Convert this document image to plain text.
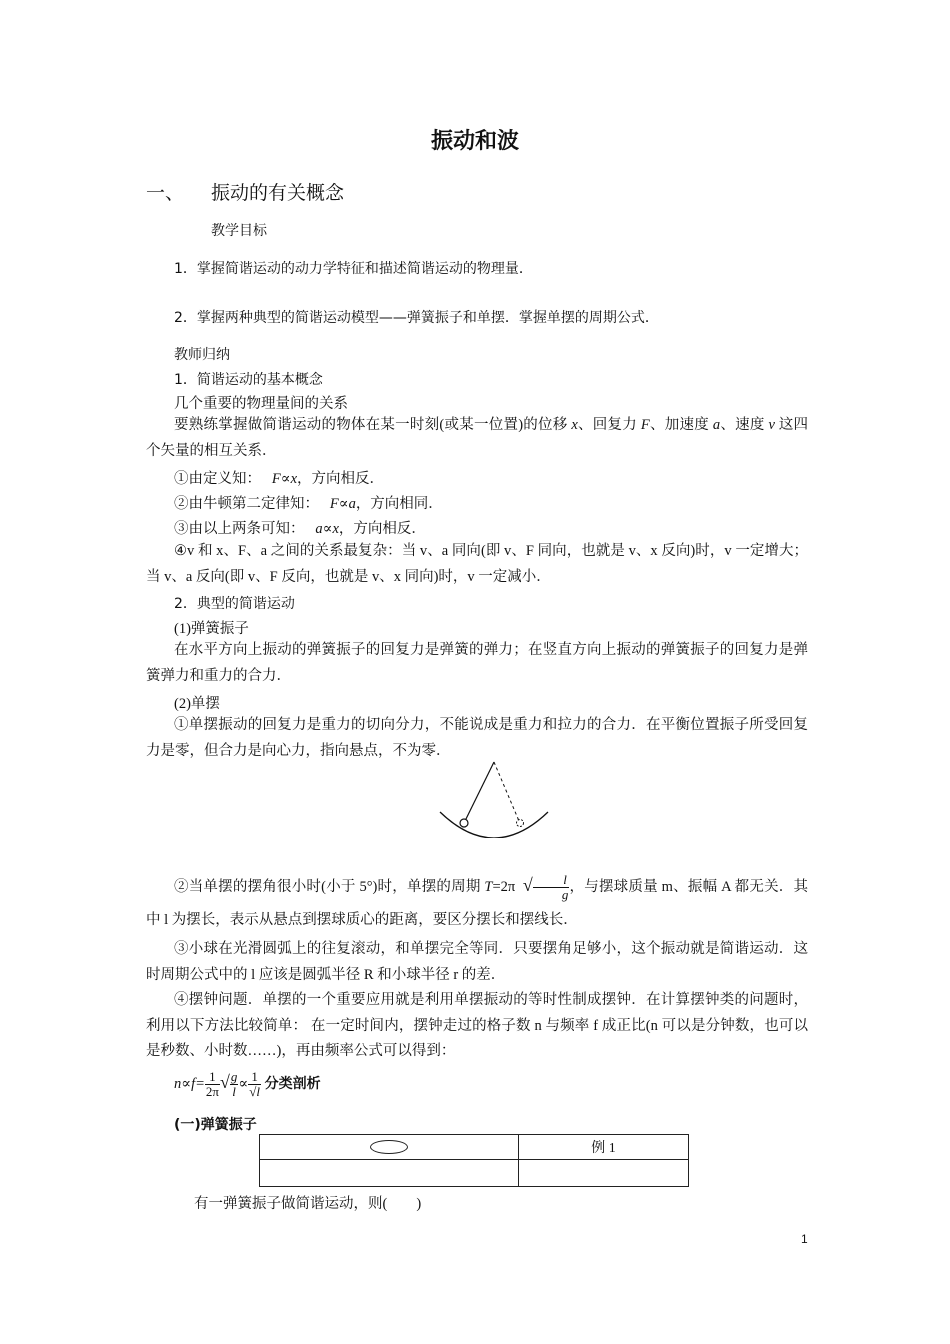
振动和波
一、 振动的有关概念
教学目标
1．掌握简谐运动的动力学特征和描述简谐运动的物理量．
2．掌握两种典型的简谐运动模型——弹簧振子和单摆．掌握单摆的周期公式．
教师归纳
1．简谐运动的基本概念
几个重要的物理量间的关系
要熟练掌握做简谐运动的物体在某一时刻(或某一位置)的位移 x、回复力 F、加速度 a、速度 v 这四个矢量的相互关系．
①由定义知： F∝x，方向相反．
②由牛顿第二定律知： F∝a，方向相同．
③由以上两条可知： a∝x，方向相反．
④v 和 x、F、a 之间的关系最复杂：当 v、a 同向(即 v、F 同向，也就是 v、x 反向)时，v 一定增大；当 v、a 反向(即 v、F 反向，也就是 v、x 同向)时，v 一定减小．
2．典型的简谐运动
(1)弹簧振子
在水平方向上振动的弹簧振子的回复力是弹簧的弹力；在竖直方向上振动的弹簧振子的回复力是弹簧弹力和重力的合力．
(2)单摆
①单摆振动的回复力是重力的切向分力，不能说成是重力和拉力的合力．在平衡位置振子所受回复力是零，但合力是向心力，指向悬点，不为零．
②当单摆的摆角很小时(小于 5°)时，单摆的周期 T=2π  √ $\frac{l}{g}$ ，与摆球质量 m、振幅 A 都无关．其中 l 为摆长，表示从悬点到摆球质心的距离，要区分摆长和摆线长．
③小球在光滑圆弧上的往复滚动，和单摆完全等同．只要摆角足够小，这个振动就是简谐运动．这时周期公式中的 l 应该是圆弧半径 R 和小球半径 r 的差．
④摆钟问题．单摆的一个重要应用就是利用单摆振动的等时性制成摆钟．在计算摆钟类的问题时，利用以下方法比较简单： 在一定时间内，摆钟走过的格子数 n 与频率 f 成正比(n 可以是分钟数，也可以是秒数、小时数……)，再由频率公式可以得到：
$n\propto f= \frac{1}{2\pi}$ √ $\frac{g}{l} \propto \frac{1}{√l}$ 分类剖析
(一)弹簧振子
	例 1

有一弹簧振子做简谐运动，则(　　)
1
